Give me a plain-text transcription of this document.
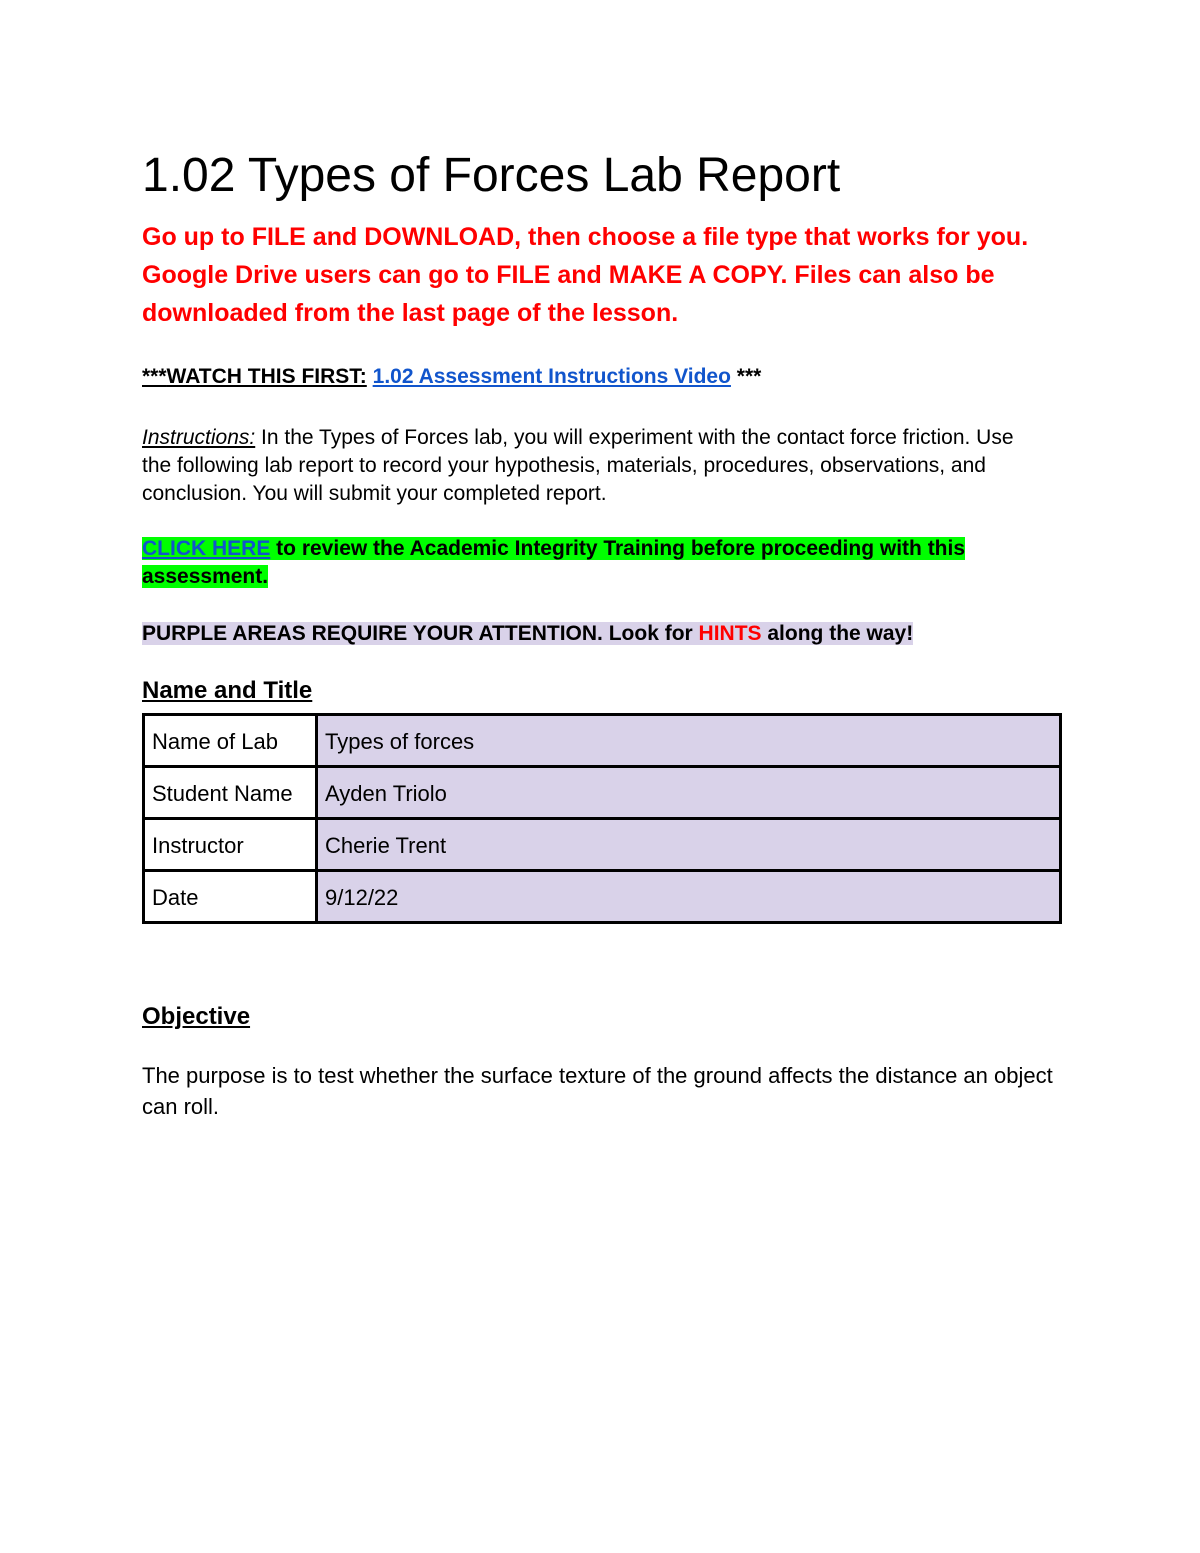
1.02 Types of Forces Lab Report

Go up to FILE and DOWNLOAD, then choose a file type that works for you. Google Drive users can go to FILE and MAKE A COPY. Files can also be downloaded from the last page of the lesson.

***WATCH THIS FIRST: 1.02 Assessment Instructions Video ***

Instructions: In the Types of Forces lab, you will experiment with the contact force friction. Use the following lab report to record your hypothesis, materials, procedures, observations, and conclusion. You will submit your completed report.

CLICK HERE to review the Academic Integrity Training before proceeding with this assessment.
PURPLE AREAS REQUIRE YOUR ATTENTION. Look for HINTS along the way!
Name and Title
Name of Lab	Types of forces
Student Name	Ayden Triolo
Instructor	Cherie Trent
Date	9/12/22
Objective

The purpose is to test whether the surface texture of the ground affects the distance an object can roll.
